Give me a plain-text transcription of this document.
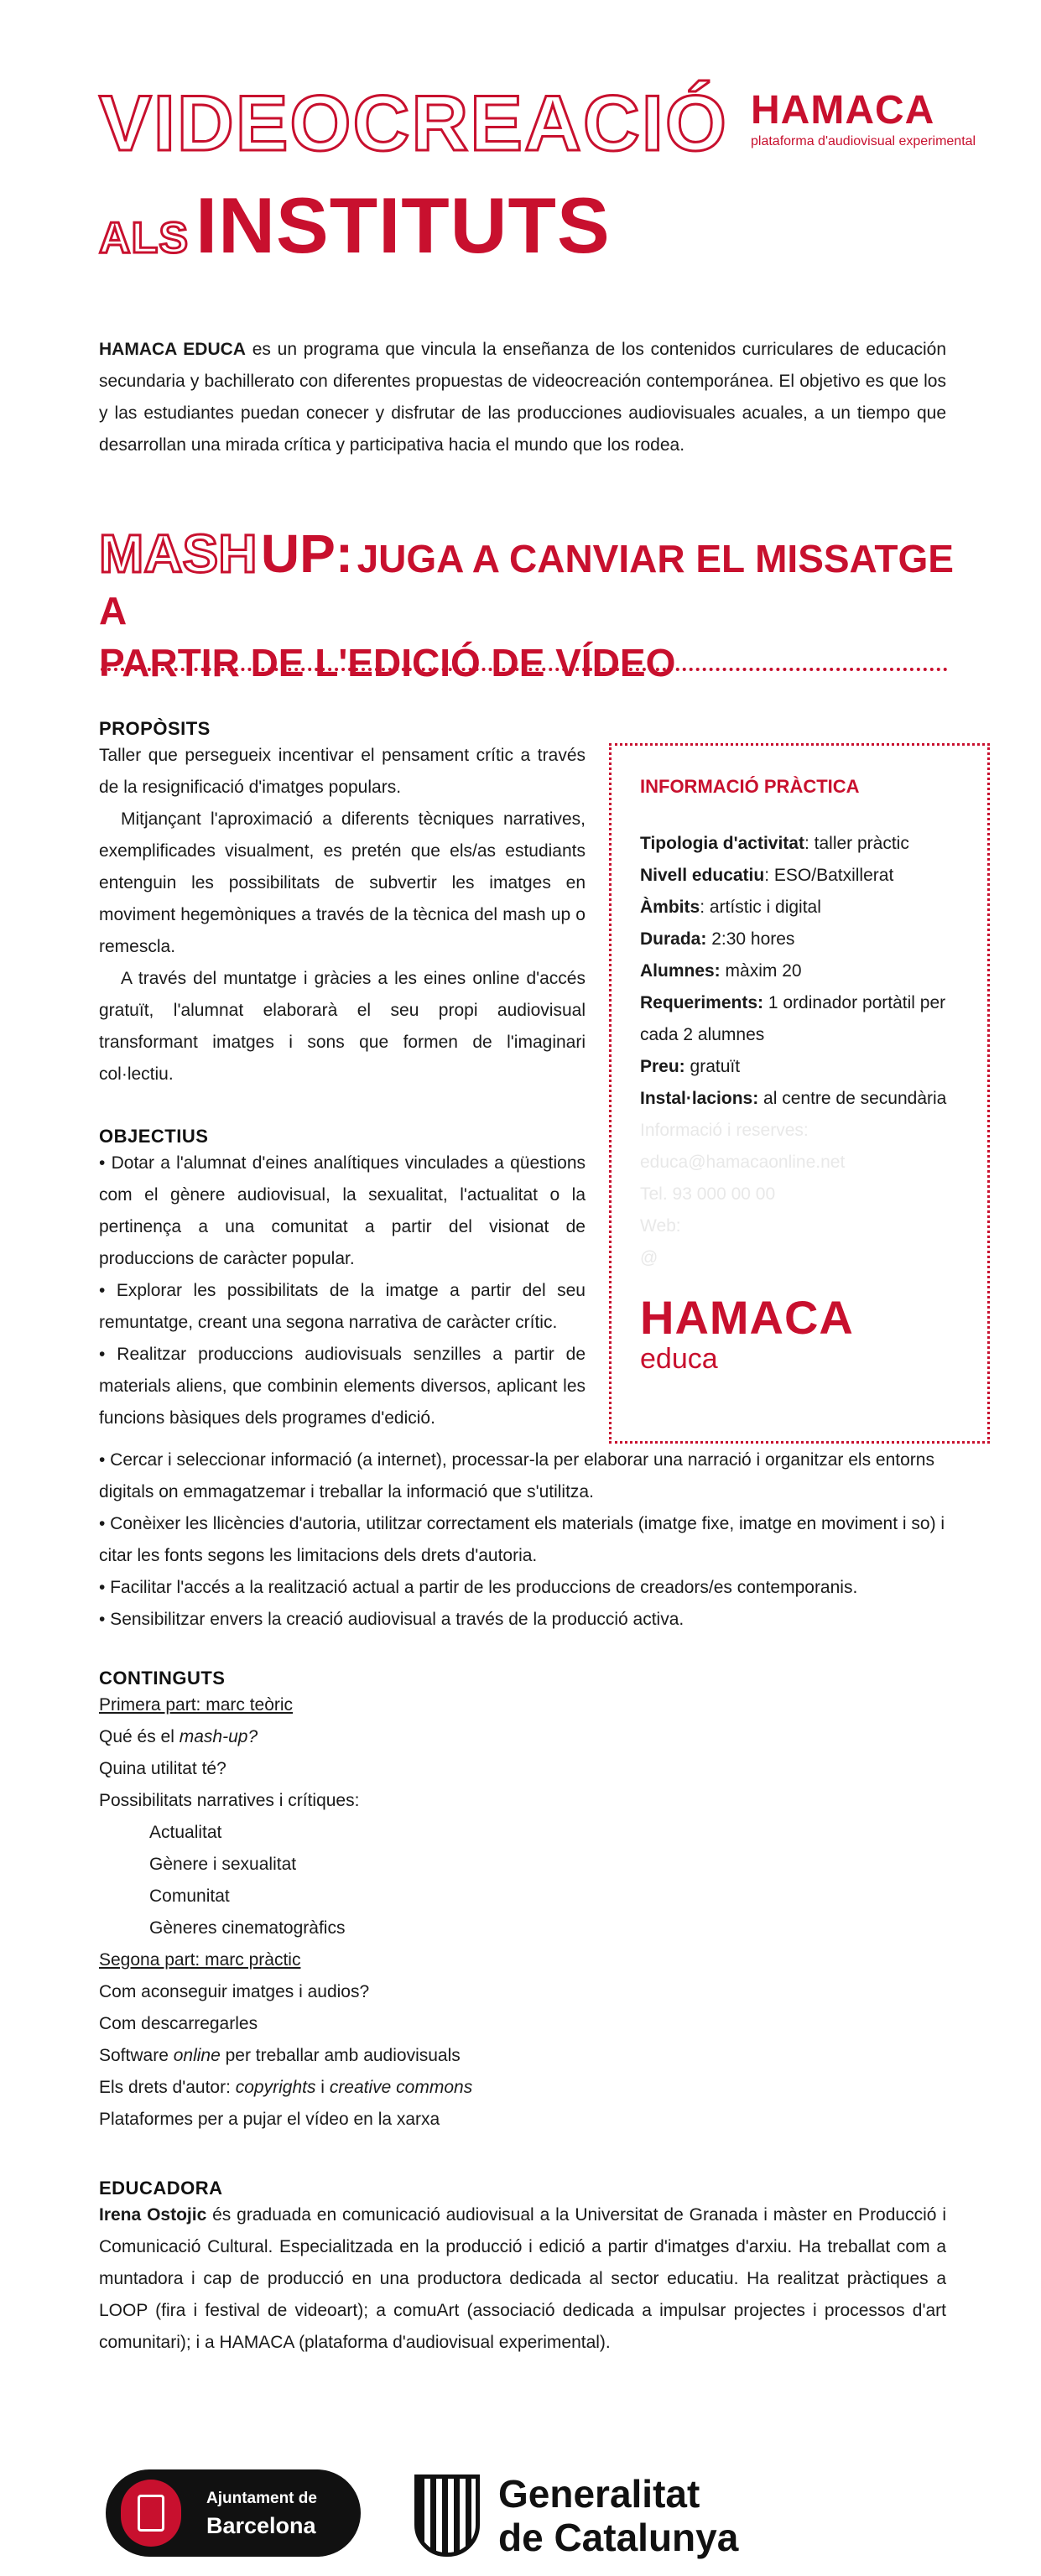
VIDEOCREACIÓ
ALSINSTITUTS
HAMACA
plataforma d'audiovisual experimental
HAMACA EDUCA es un programa que vincula la enseñanza de los contenidos curriculares de educación secundaria y bachillerato con diferentes propuestas de videocreación contemporánea. El objetivo es que los y las estudiantes puedan conecer y disfrutar de las producciones audiovisuales acuales, a un tiempo que desarrollan una mirada crítica y participativa hacia el mundo que los rodea.
MASH UP: JUGA A CANVIAR EL MISSATGE A
PARTIR DE L'EDICIÓ DE VÍDEO
PROPÒSITS

Taller que persegueix incentivar el pensament crític a través de la resignificació d'imatges populars.

Mitjançant l'aproximació a diferents tècniques narratives, exemplificades visualment, es pretén que els/as estudiants entenguin les possibilitats de subvertir les imatges en moviment hegemòniques a través de la tècnica del mash up o remescla.

A través del muntatge i gràcies a les eines online d'accés gratuït, l'alumnat elaborarà el seu propi audiovisual transformant imatges i sons que formen de l'imaginari col·lectiu.

INFORMACIÓ PRÀCTICA
Tipologia d'activitat: taller pràctic
Nivell educatiu: ESO/Batxillerat
Àmbits: artístic i digital
Durada: 2:30 hores
Alumnes: màxim 20
Requeriments: 1 ordinador portàtil per cada 2 alumnes
Preu: gratuït
Instal·lacions: al centre de secundària
Informació i reserves:
educa@hamacaonline.net
Tel. 93 000 00 00
Web:
@
HAMACA
educa
OBJECTIUS

• Dotar a l'alumnat d'eines analítiques vinculades a qüestions com el gènere audiovisual, la sexualitat, l'actualitat o la pertinença a una comunitat a partir del visionat de produccions de caràcter popular.

• Explorar les possibilitats de la imatge a partir del seu remuntatge, creant una segona narrativa de caràcter crític.

• Realitzar produccions audiovisuals senzilles a partir de materials aliens, que combinin elements diversos, aplicant les funcions bàsiques dels programes d'edició.

• Cercar i seleccionar informació (a internet), processar-la per elaborar una narració i organitzar els entorns digitals on emmagatzemar i treballar la informació que s'utilitza.

• Conèixer les llicències d'autoria, utilitzar correctament els materials (imatge fixe, imatge en moviment i so) i citar les fonts segons les limitacions dels drets d'autoria.

• Facilitar l'accés a la realització actual a partir de les produccions de creadors/es contemporanis.

• Sensibilitzar envers la creació audiovisual a través de la producció activa.

CONTINGUTS
Primera part: marc teòric
Qué és el mash-up?
Quina utilitat té?
Possibilitats narratives i crítiques:
Actualitat
Gènere i sexualitat
Comunitat
Gèneres cinematogràfics
Segona part: marc pràctic
Com aconseguir imatges i audios?
Com descarregarles
Software online per treballar amb audiovisuals
Els drets d'autor: copyrights i creative commons
Plataformes per a pujar el vídeo en la xarxa
EDUCADORA

Irena Ostojic és graduada en comunicació audiovisual a la Universitat de Granada i màster en Producció i Comunicació Cultural. Especialitzada en la producció i edició a partir d'imatges d'arxiu. Ha treballat com a muntadora i cap de producció en una productora dedicada al sector educatiu. Ha realitzat pràctiques a LOOP (fira i festival de videoart); a comuArt (associació dedicada a impulsar projectes i processos d'art comunitari); i a HAMACA (plataforma d'audiovisual experimental).

Ajuntament de
Barcelona
Generalitat
de Catalunya
